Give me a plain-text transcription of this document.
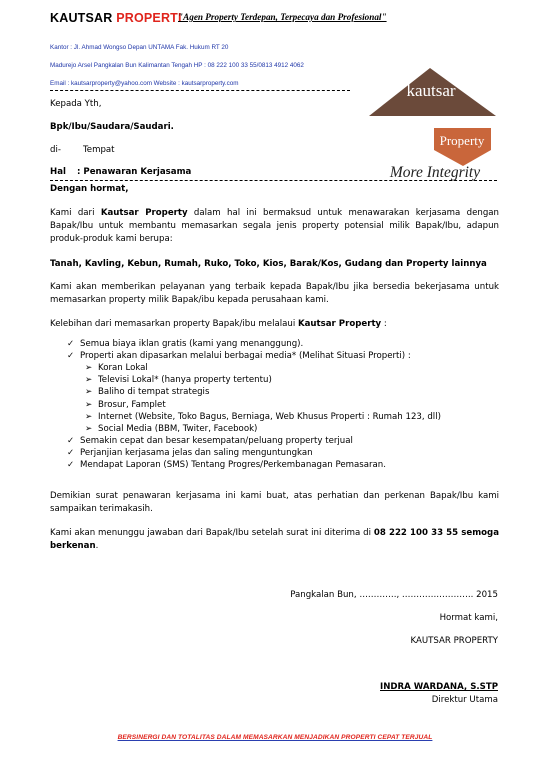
KAUTSAR PROPERTI
"Agen Property Terdepan, Terpecaya dan Profesional"
Kantor : Jl. Ahmad Wongso Depan UNTAMA Fak. Hukum RT 20
Madurejo Arsel Pangkalan Bun Kalimantan Tengah HP : 08 222 100 33 55/0813 4912 4062
Email : kautsarproperty@yahoo.com Website : kautsarproperty.com	kautsar
Property
More Integrity
Kepada Yth,
Bpk/Ibu/Saudara/Saudari.
di-	Tempat
Hal : Penawaran Kerjasama
Dengan hormat,
Kami dari Kautsar Property dalam hal ini bermaksud untuk menawarakan kerjasama dengan Bapak/Ibu untuk membantu memasarkan segala jenis property potensial milik Bapak/Ibu, adapun produk-produk kami berupa:
Tanah, Kavling, Kebun, Rumah, Ruko, Toko, Kios, Barak/Kos, Gudang dan Property lainnya
Kami akan memberikan pelayanan yang terbaik kepada Bapak/Ibu jika bersedia bekerjasama untuk memasarkan property milik Bapak/ibu kepada perusahaan kami.
Kelebihan dari memasarkan property Bapak/ibu melalaui Kautsar Property :
✓ Semua biaya iklan gratis (kami yang menanggung).
✓ Properti akan dipasarkan melalui berbagai media* (Melihat Situasi Properti) :
➢ Koran Lokal
➢ Televisi Lokal* (hanya property tertentu)
➢ Baliho di tempat strategis
➢ Brosur, Famplet
➢ Internet (Website, Toko Bagus, Berniaga, Web Khusus Properti : Rumah 123, dll)
➢ Social Media (BBM, Twiter, Facebook)
✓ Semakin cepat dan besar kesempatan/peluang property terjual
✓ Perjanjian kerjasama jelas dan saling menguntungkan
✓ Mendapat Laporan (SMS) Tentang Progres/Perkembanagan Pemasaran.
Demikian surat penawaran kerjasama ini kami buat, atas perhatian dan perkenan Bapak/Ibu kami sampaikan terimakasih.
Kami akan menunggu jawaban dari Bapak/Ibu setelah surat ini diterima di 08 222 100 33 55 semoga berkenan.
Pangkalan Bun, …………., ……………………. 2015
Hormat kami,
KAUTSAR PROPERTY
INDRA WARDANA, S.STP
Direktur Utama
BERSINERGI DAN TOTALITAS DALAM MEMASARKAN MENJADIKAN PROPERTI CEPAT TERJUAL
